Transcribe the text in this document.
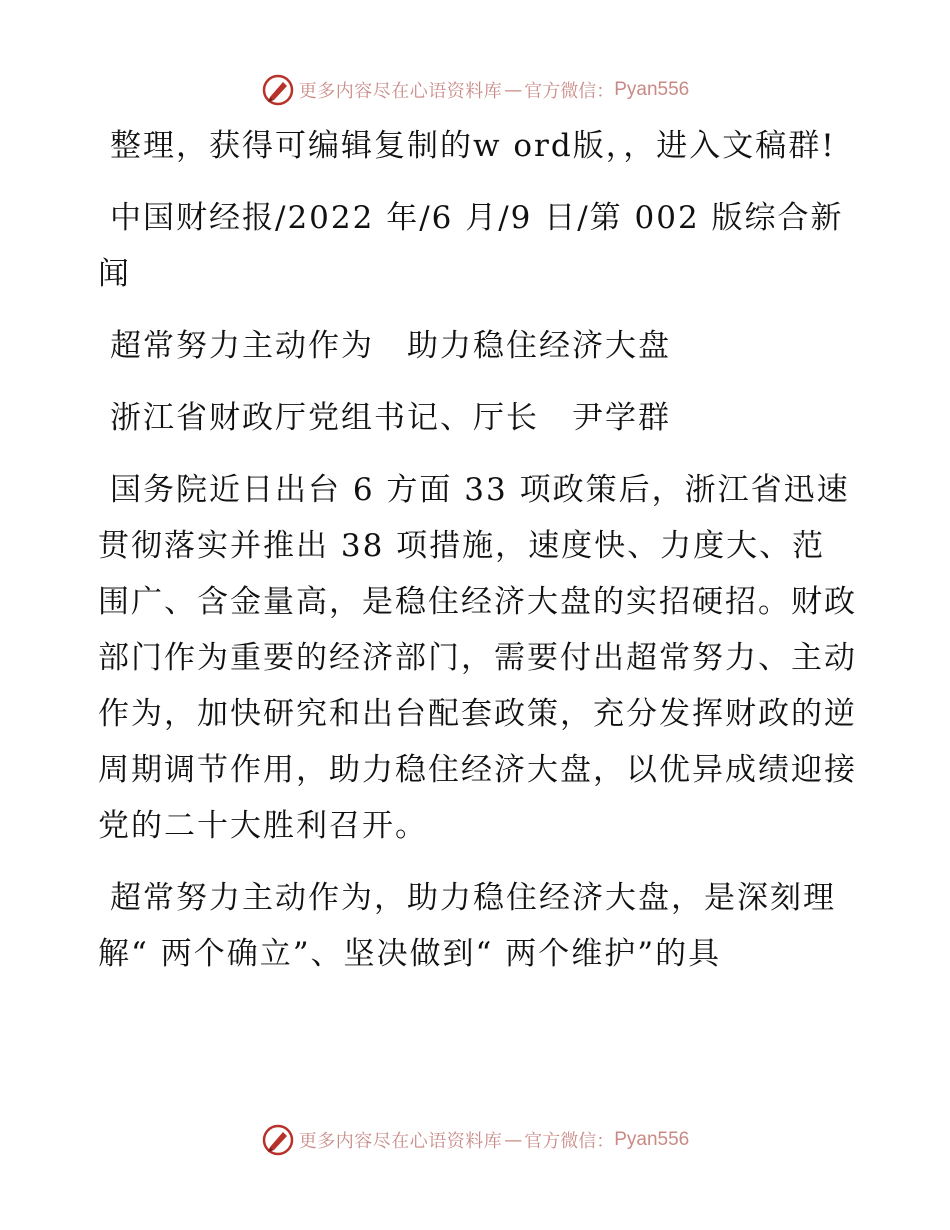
更多内容尽在心语资料库 — 官方微信： Pyan556

整理，获得可编辑复制的w ord版，，进入文稿群!

中国财经报/2022 年/6 月/9 日/第 002 版综合新闻

超常努力主动作为　助力稳住经济大盘

浙江省财政厅党组书记、厅长　尹学群

国务院近日出台 6 方面 33 项政策后，浙江省迅速贯彻落实并推出 38 项措施，速度快、力度大、范围广、含金量高，是稳住经济大盘的实招硬招。财政部门作为重要的经济部门，需要付出超常努力、主动作为，加快研究和出台配套政策，充分发挥财政的逆周期调节作用，助力稳住经济大盘，以优异成绩迎接党的二十大胜利召开。

超常努力主动作为，助力稳住经济大盘，是深刻理解“ 两个确立”、坚决做到“ 两个维护”的具

更多内容尽在心语资料库 — 官方微信： Pyan556
